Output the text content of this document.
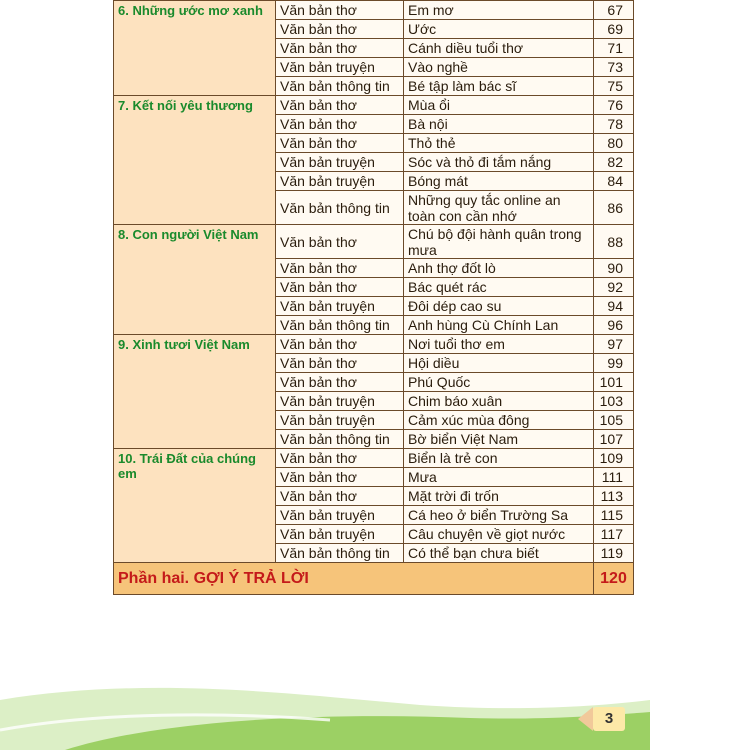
3
6. Những ước mơ xanh	Văn bản thơ	Em mơ	67
	Văn bản thơ	Ước	69
	Văn bản thơ	Cánh diều tuổi thơ	71
	Văn bản truyện	Vào nghề	73
	Văn bản thông tin	Bé tập làm bác sĩ	75
7. Kết nối yêu thương	Văn bản thơ	Mùa ổi	76
	Văn bản thơ	Bà nội	78
	Văn bản thơ	Thỏ thẻ	80
	Văn bản truyện	Sóc và thỏ đi tắm nắng	82
	Văn bản truyện	Bóng mát	84
	Văn bản thông tin	Những quy tắc online an toàn con cần nhớ	86
8. Con người Việt Nam	Văn bản thơ	Chú bộ đội hành quân trong mưa	88
	Văn bản thơ	Anh thợ đốt lò	90
	Văn bản thơ	Bác quét rác	92
	Văn bản truyện	Đôi dép cao su	94
	Văn bản thông tin	Anh hùng Cù Chính Lan	96
9. Xinh tươi Việt Nam	Văn bản thơ	Nơi tuổi thơ em	97
	Văn bản thơ	Hội diều	99
	Văn bản thơ	Phú Quốc	101
	Văn bản truyện	Chim báo xuân	103
	Văn bản truyện	Cảm xúc mùa đông	105
	Văn bản thông tin	Bờ biển Việt Nam	107
10. Trái Đất của chúng em	Văn bản thơ	Biển là trẻ con	109
	Văn bản thơ	Mưa	111
	Văn bản thơ	Mặt trời đi trốn	113
	Văn bản truyện	Cá heo ở biển Trường Sa	115
	Văn bản truyện	Câu chuyện về giọt nước	117
	Văn bản thông tin	Có thể bạn chưa biết	119
Phần hai. GỢI Ý TRẢ LỜI			120
